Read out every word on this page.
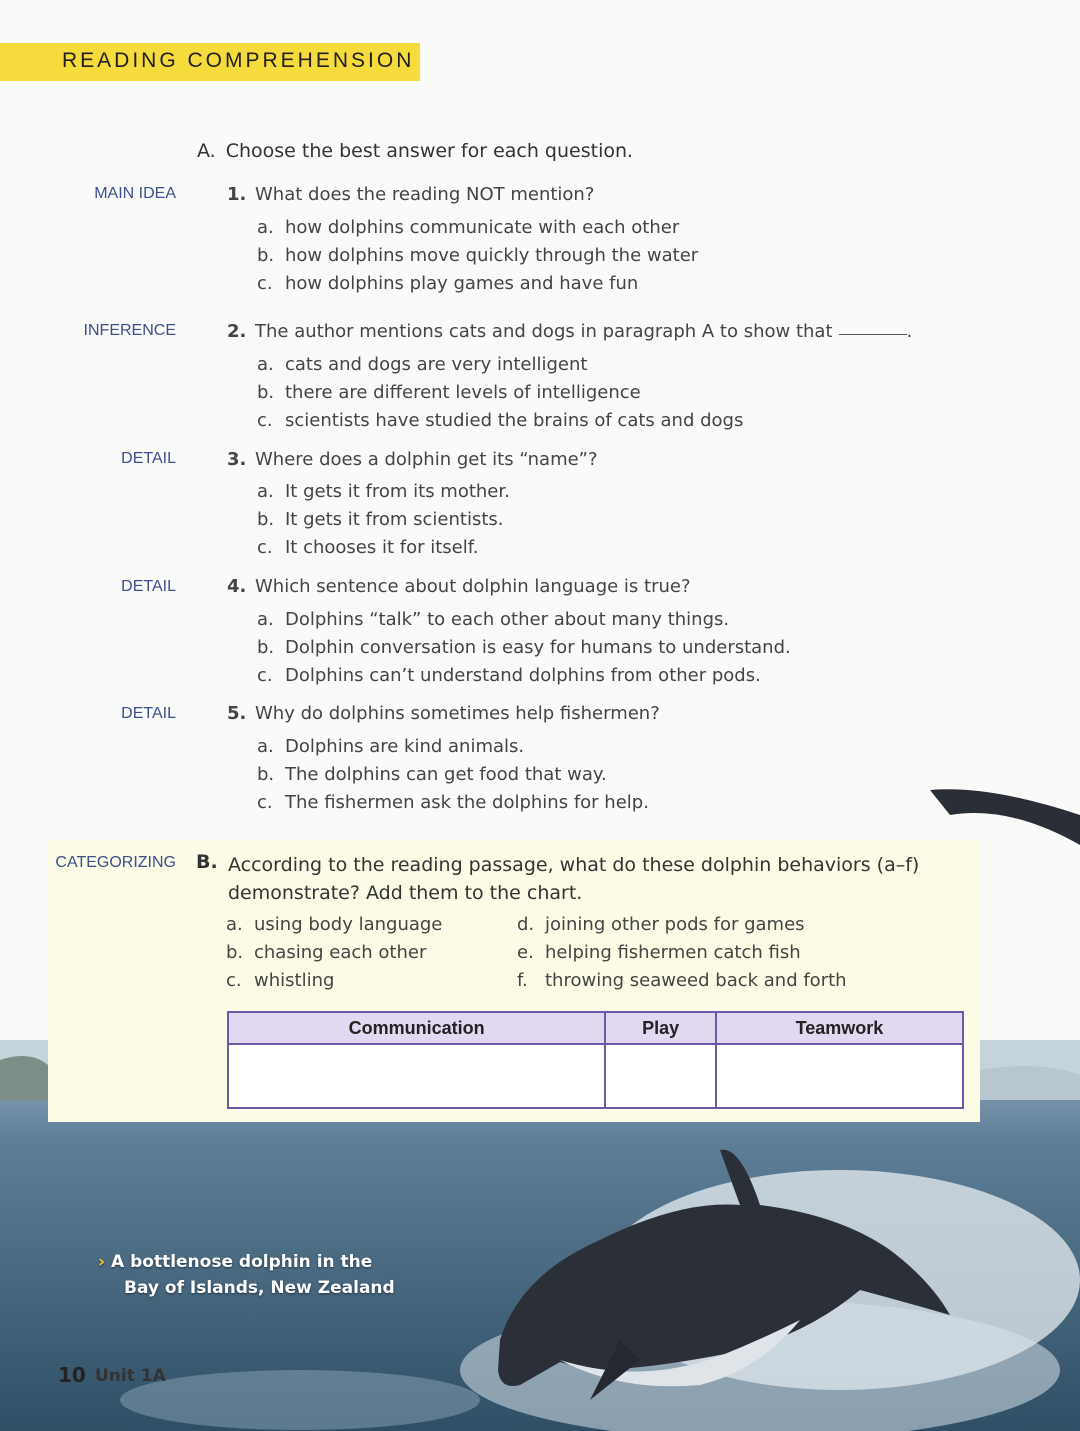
READING COMPREHENSION
A. Choose the best answer for each question.
MAIN IDEA	1. What does the reading NOT mention?
a. how dolphins communicate with each other
b. how dolphins move quickly through the water
c. how dolphins play games and have fun
INFERENCE	2. The author mentions cats and dogs in paragraph A to show that	.
a. cats and dogs are very intelligent
b. there are different levels of intelligence
c. scientists have studied the brains of cats and dogs
DETAIL	3. Where does a dolphin get its “name”?
a. It gets it from its mother.
b. It gets it from scientists.
c. It chooses it for itself.
DETAIL	4. Which sentence about dolphin language is true?
a. Dolphins “talk” to each other about many things.
b. Dolphin conversation is easy for humans to understand.
c. Dolphins can’t understand dolphins from other pods.
DETAIL	5. Why do dolphins sometimes help fishermen?
a. Dolphins are kind animals.
b. The dolphins can get food that way.
c. The fishermen ask the dolphins for help.
CATEGORIZING B. According to the reading passage, what do these dolphin behaviors (a–f) demonstrate? Add them to the chart.
a. using body language
b. chasing each other
c. whistling
d. joining other pods for games
e. helping fishermen catch fish
f. throwing seaweed back and forth
Communication	Play	Teamwork

› A bottlenose dolphin in the
Bay of Islands, New Zealand
10 Unit 1A
